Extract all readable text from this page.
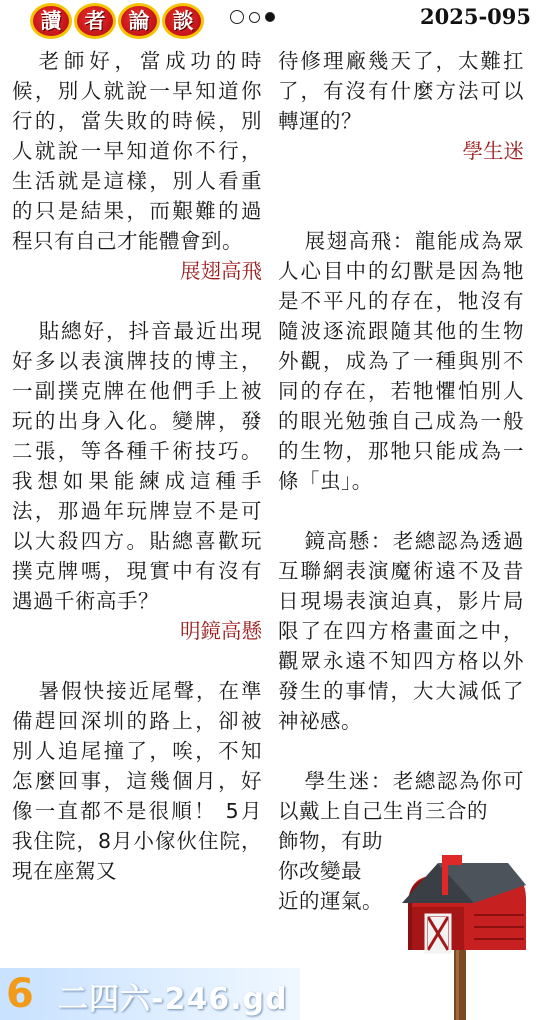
讀	者	論	談	2025-095

老師好，當成功的時候，別人就說一早知道你行的，當失敗的時候，別人就說一早知道你不行，生活就是這樣，別人看重的只是結果，而艱難的過程只有自己才能體會到。

展翅高飛

貼總好，抖音最近出現好多以表演牌技的博主，一副撲克牌在他們手上被玩的出身入化。變牌，發二張，等各種千術技巧。我想如果能練成這種手法，那過年玩牌豈不是可以大殺四方。貼總喜歡玩撲克牌嗎，現實中有沒有遇過千術高手？

明鏡高懸

暑假快接近尾聲，在準備趕回深圳的路上，卻被別人追尾撞了，唉，不知怎麼回事，這幾個月，好像一直都不是很順！ 5月我住院，8月小傢伙住院，現在座駕又

待修理廠幾天了，太難扛了，有沒有什麼方法可以轉運的？

學生迷

展翅高飛：龍能成為眾人心目中的幻獸是因為牠是不平凡的存在，牠沒有隨波逐流跟隨其他的生物外觀，成為了一種與別不同的存在，若牠懼怕別人的眼光勉強自己成為一般的生物，那牠只能成為一條「虫」。

鏡高懸：老總認為透過互聯網表演魔術遠不及昔日現場表演迫真，影片局限了在四方格畫面之中，觀眾永遠不知四方格以外發生的事情，大大減低了神祕感。

學生迷：老總認為你可以戴上自己生肖三合的

飾物，有助

你改變最

近的運氣。

6 二四六-246.gd
